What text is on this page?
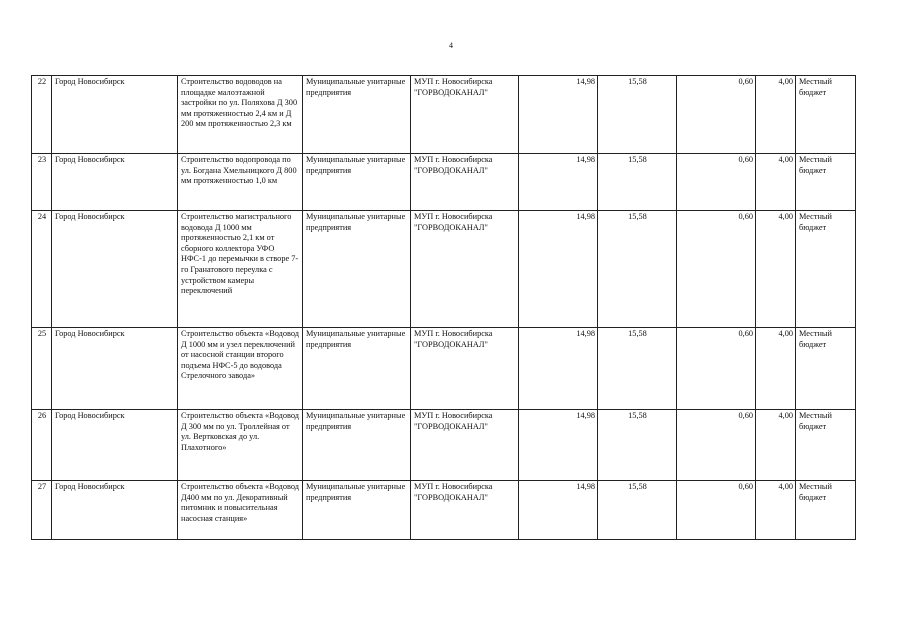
4
22	Город Новосибирск	Строительство водоводов на площадке малоэтажной застройки по ул. Поляхова Д 300 мм протяженностью 2,4 км и Д 200 мм протяженностью 2,3 км	Муниципальные унитарные предприятия	МУП г. Новосибирска "ГОРВОДОКАНАЛ"	14,98	15,58	0,60	4,00	Местный бюджет
23	Город Новосибирск	Строительство водопровода по ул. Богдана Хмельницкого Д 800 мм протяженностью 1,0 км	Муниципальные унитарные предприятия	МУП г. Новосибирска "ГОРВОДОКАНАЛ"	14,98	15,58	0,60	4,00	Местный бюджет
24	Город Новосибирск	Строительство магистрального водовода Д 1000 мм протяженностью 2,1 км от сборного коллектора УФО НФС-1 до перемычки в створе 7-го Гранатового переулка с устройством камеры переключений	Муниципальные унитарные предприятия	МУП г. Новосибирска "ГОРВОДОКАНАЛ"	14,98	15,58	0,60	4,00	Местный бюджет
25	Город Новосибирск	Строительство объекта «Водовод Д 1000 мм и узел переключений от насосной станции второго подъема НФС-5 до водовода Стрелочного завода»	Муниципальные унитарные предприятия	МУП г. Новосибирска "ГОРВОДОКАНАЛ"	14,98	15,58	0,60	4,00	Местный бюджет
26	Город Новосибирск	Строительство объекта «Водовод Д 300 мм по ул. Троллейная от ул. Вертковская до ул. Плахотного»	Муниципальные унитарные предприятия	МУП г. Новосибирска "ГОРВОДОКАНАЛ"	14,98	15,58	0,60	4,00	Местный бюджет
27	Город Новосибирск	Строительство объекта «Водовод Д400 мм по ул. Декоративный питомник и повысительная насосная станция»	Муниципальные унитарные предприятия	МУП г. Новосибирска "ГОРВОДОКАНАЛ"	14,98	15,58	0,60	4,00	Местный бюджет
